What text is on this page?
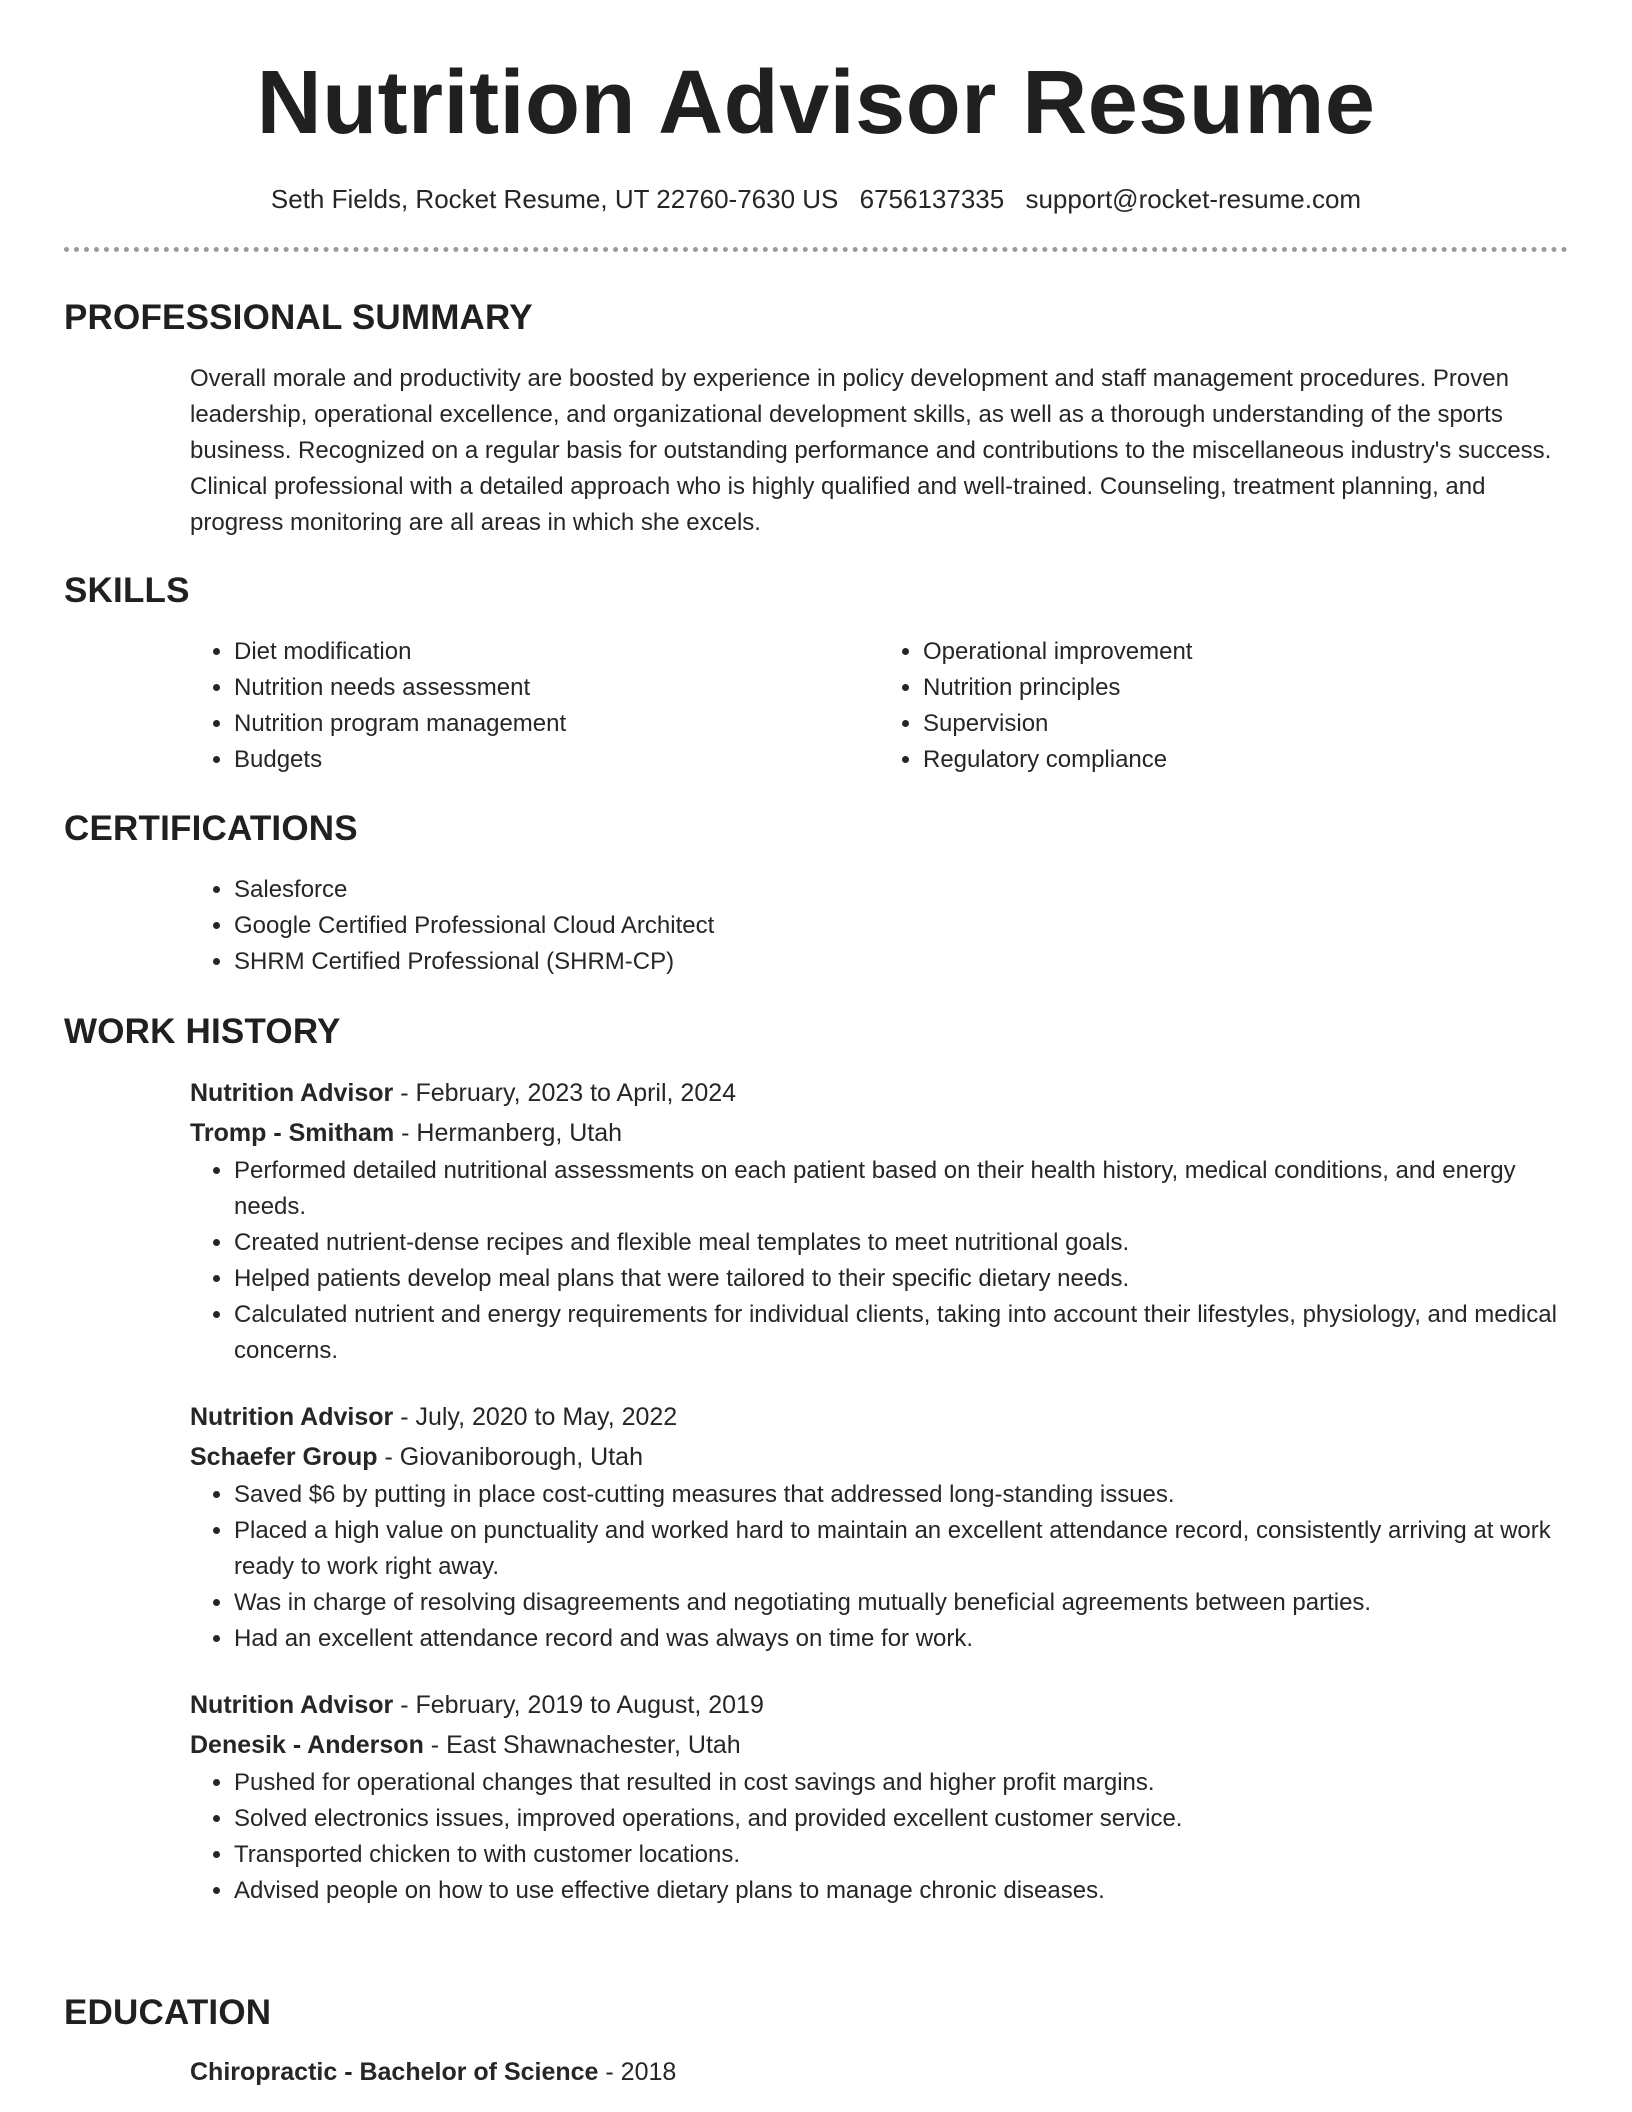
Nutrition Advisor Resume
Seth Fields, Rocket Resume, UT 22760-7630 US 6756137335 support@rocket-resume.com
PROFESSIONAL SUMMARY

Overall morale and productivity are boosted by experience in policy development and staff management procedures. Proven leadership, operational excellence, and organizational development skills, as well as a thorough understanding of the sports business. Recognized on a regular basis for outstanding performance and contributions to the miscellaneous industry's success. Clinical professional with a detailed approach who is highly qualified and well-trained. Counseling, treatment planning, and progress monitoring are all areas in which she excels.

SKILLS
• Diet modification
• Nutrition needs assessment
• Nutrition program management
• Budgets
• Operational improvement
• Nutrition principles
• Supervision
• Regulatory compliance
CERTIFICATIONS
• Salesforce
• Google Certified Professional Cloud Architect
• SHRM Certified Professional (SHRM-CP)
WORK HISTORY
Nutrition Advisor - February, 2023 to April, 2024
Tromp - Smitham - Hermanberg, Utah
• Performed detailed nutritional assessments on each patient based on their health history, medical conditions, and energy needs.
• Created nutrient-dense recipes and flexible meal templates to meet nutritional goals.
• Helped patients develop meal plans that were tailored to their specific dietary needs.
• Calculated nutrient and energy requirements for individual clients, taking into account their lifestyles, physiology, and medical concerns.
Nutrition Advisor - July, 2020 to May, 2022
Schaefer Group - Giovaniborough, Utah
• Saved $6 by putting in place cost-cutting measures that addressed long-standing issues.
• Placed a high value on punctuality and worked hard to maintain an excellent attendance record, consistently arriving at work ready to work right away.
• Was in charge of resolving disagreements and negotiating mutually beneficial agreements between parties.
• Had an excellent attendance record and was always on time for work.
Nutrition Advisor - February, 2019 to August, 2019
Denesik - Anderson - East Shawnachester, Utah
• Pushed for operational changes that resulted in cost savings and higher profit margins.
• Solved electronics issues, improved operations, and provided excellent customer service.
• Transported chicken to with customer locations.
• Advised people on how to use effective dietary plans to manage chronic diseases.
EDUCATION
Chiropractic - Bachelor of Science - 2018
